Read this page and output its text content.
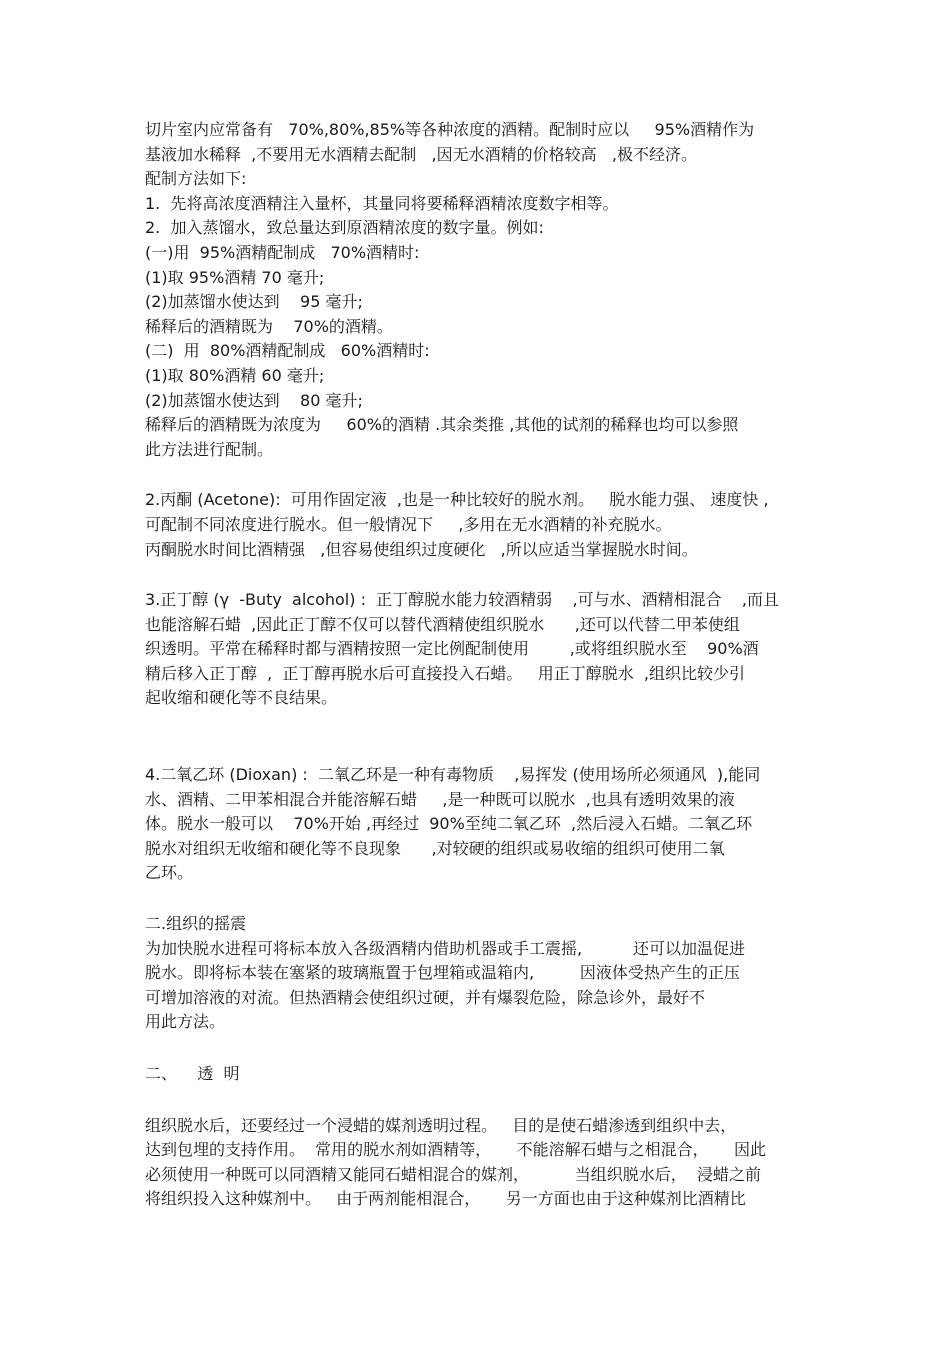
切片室内应常备有   70%,80%,85%等各种浓度的酒精。配制时应以     95%酒精作为
基液加水稀释  ,不要用无水酒精去配制   ,因无水酒精的价格较高   ,极不经济。
配制方法如下:
1.  先将高浓度酒精注入量杯，其量同将要稀释酒精浓度数字相等。
2.  加入蒸馏水，致总量达到原酒精浓度的数字量。例如:
(一)用  95%酒精配制成   70%酒精时:
(1)取 95%酒精 70 毫升;
(2)加蒸馏水使达到    95 毫升;
稀释后的酒精既为    70%的酒精。
(二)  用  80%酒精配制成   60%酒精时:
(1)取 80%酒精 60 毫升;
(2)加蒸馏水使达到    80 毫升;
稀释后的酒精既为浓度为     60%的酒精 .其余类推 ,其他的试剂的稀释也均可以参照
此方法进行配制。
2.丙酮 (Acetone):  可用作固定液  ,也是一种比较好的脱水剂。   脱水能力强、 速度快 ,
可配制不同浓度进行脱水。但一般情况下     ,多用在无水酒精的补充脱水。
丙酮脱水时间比酒精强   ,但容易使组织过度硬化   ,所以应适当掌握脱水时间。
3.正丁醇 (γ  -Buty  alcohol) :  正丁醇脱水能力较酒精弱    ,可与水、酒精相混合    ,而且
也能溶解石蜡  ,因此正丁醇不仅可以替代酒精使组织脱水      ,还可以代替二甲苯使组
织透明。平常在稀释时都与酒精按照一定比例配制使用        ,或将组织脱水至    90%酒
精后移入正丁醇  ,  正丁醇再脱水后可直接投入石蜡。   用正丁醇脱水  ,组织比较少引
起收缩和硬化等不良结果。
4.二氧乙环 (Dioxan) :  二氧乙环是一种有毒物质    ,易挥发 (使用场所必须通风  ),能同
水、酒精、二甲苯相混合并能溶解石蜡     ,是一种既可以脱水  ,也具有透明效果的液
体。脱水一般可以    70%开始 ,再经过  90%至纯二氧乙环  ,然后浸入石蜡。二氧乙环
脱水对组织无收缩和硬化等不良现象      ,对较硬的组织或易收缩的组织可使用二氧
乙环。
二.组织的摇震
为加快脱水进程可将标本放入各级酒精内借助机器或手工震摇,          还可以加温促进
脱水。即将标本装在塞紧的玻璃瓶置于包埋箱或温箱内,         因液体受热产生的正压
可增加溶液的对流。但热酒精会使组织过硬，并有爆裂危险，除急诊外，最好不
用此方法。
二、    透  明
组织脱水后，还要经过一个浸蜡的媒剂透明过程。   目的是使石蜡渗透到组织中去，
达到包埋的支持作用。  常用的脱水剂如酒精等，     不能溶解石蜡与之相混合，     因此
必须使用一种既可以同酒精又能同石蜡相混合的媒剂，         当组织脱水后，  浸蜡之前
将组织投入这种媒剂中。   由于两剂能相混合，     另一方面也由于这种媒剂比酒精比
